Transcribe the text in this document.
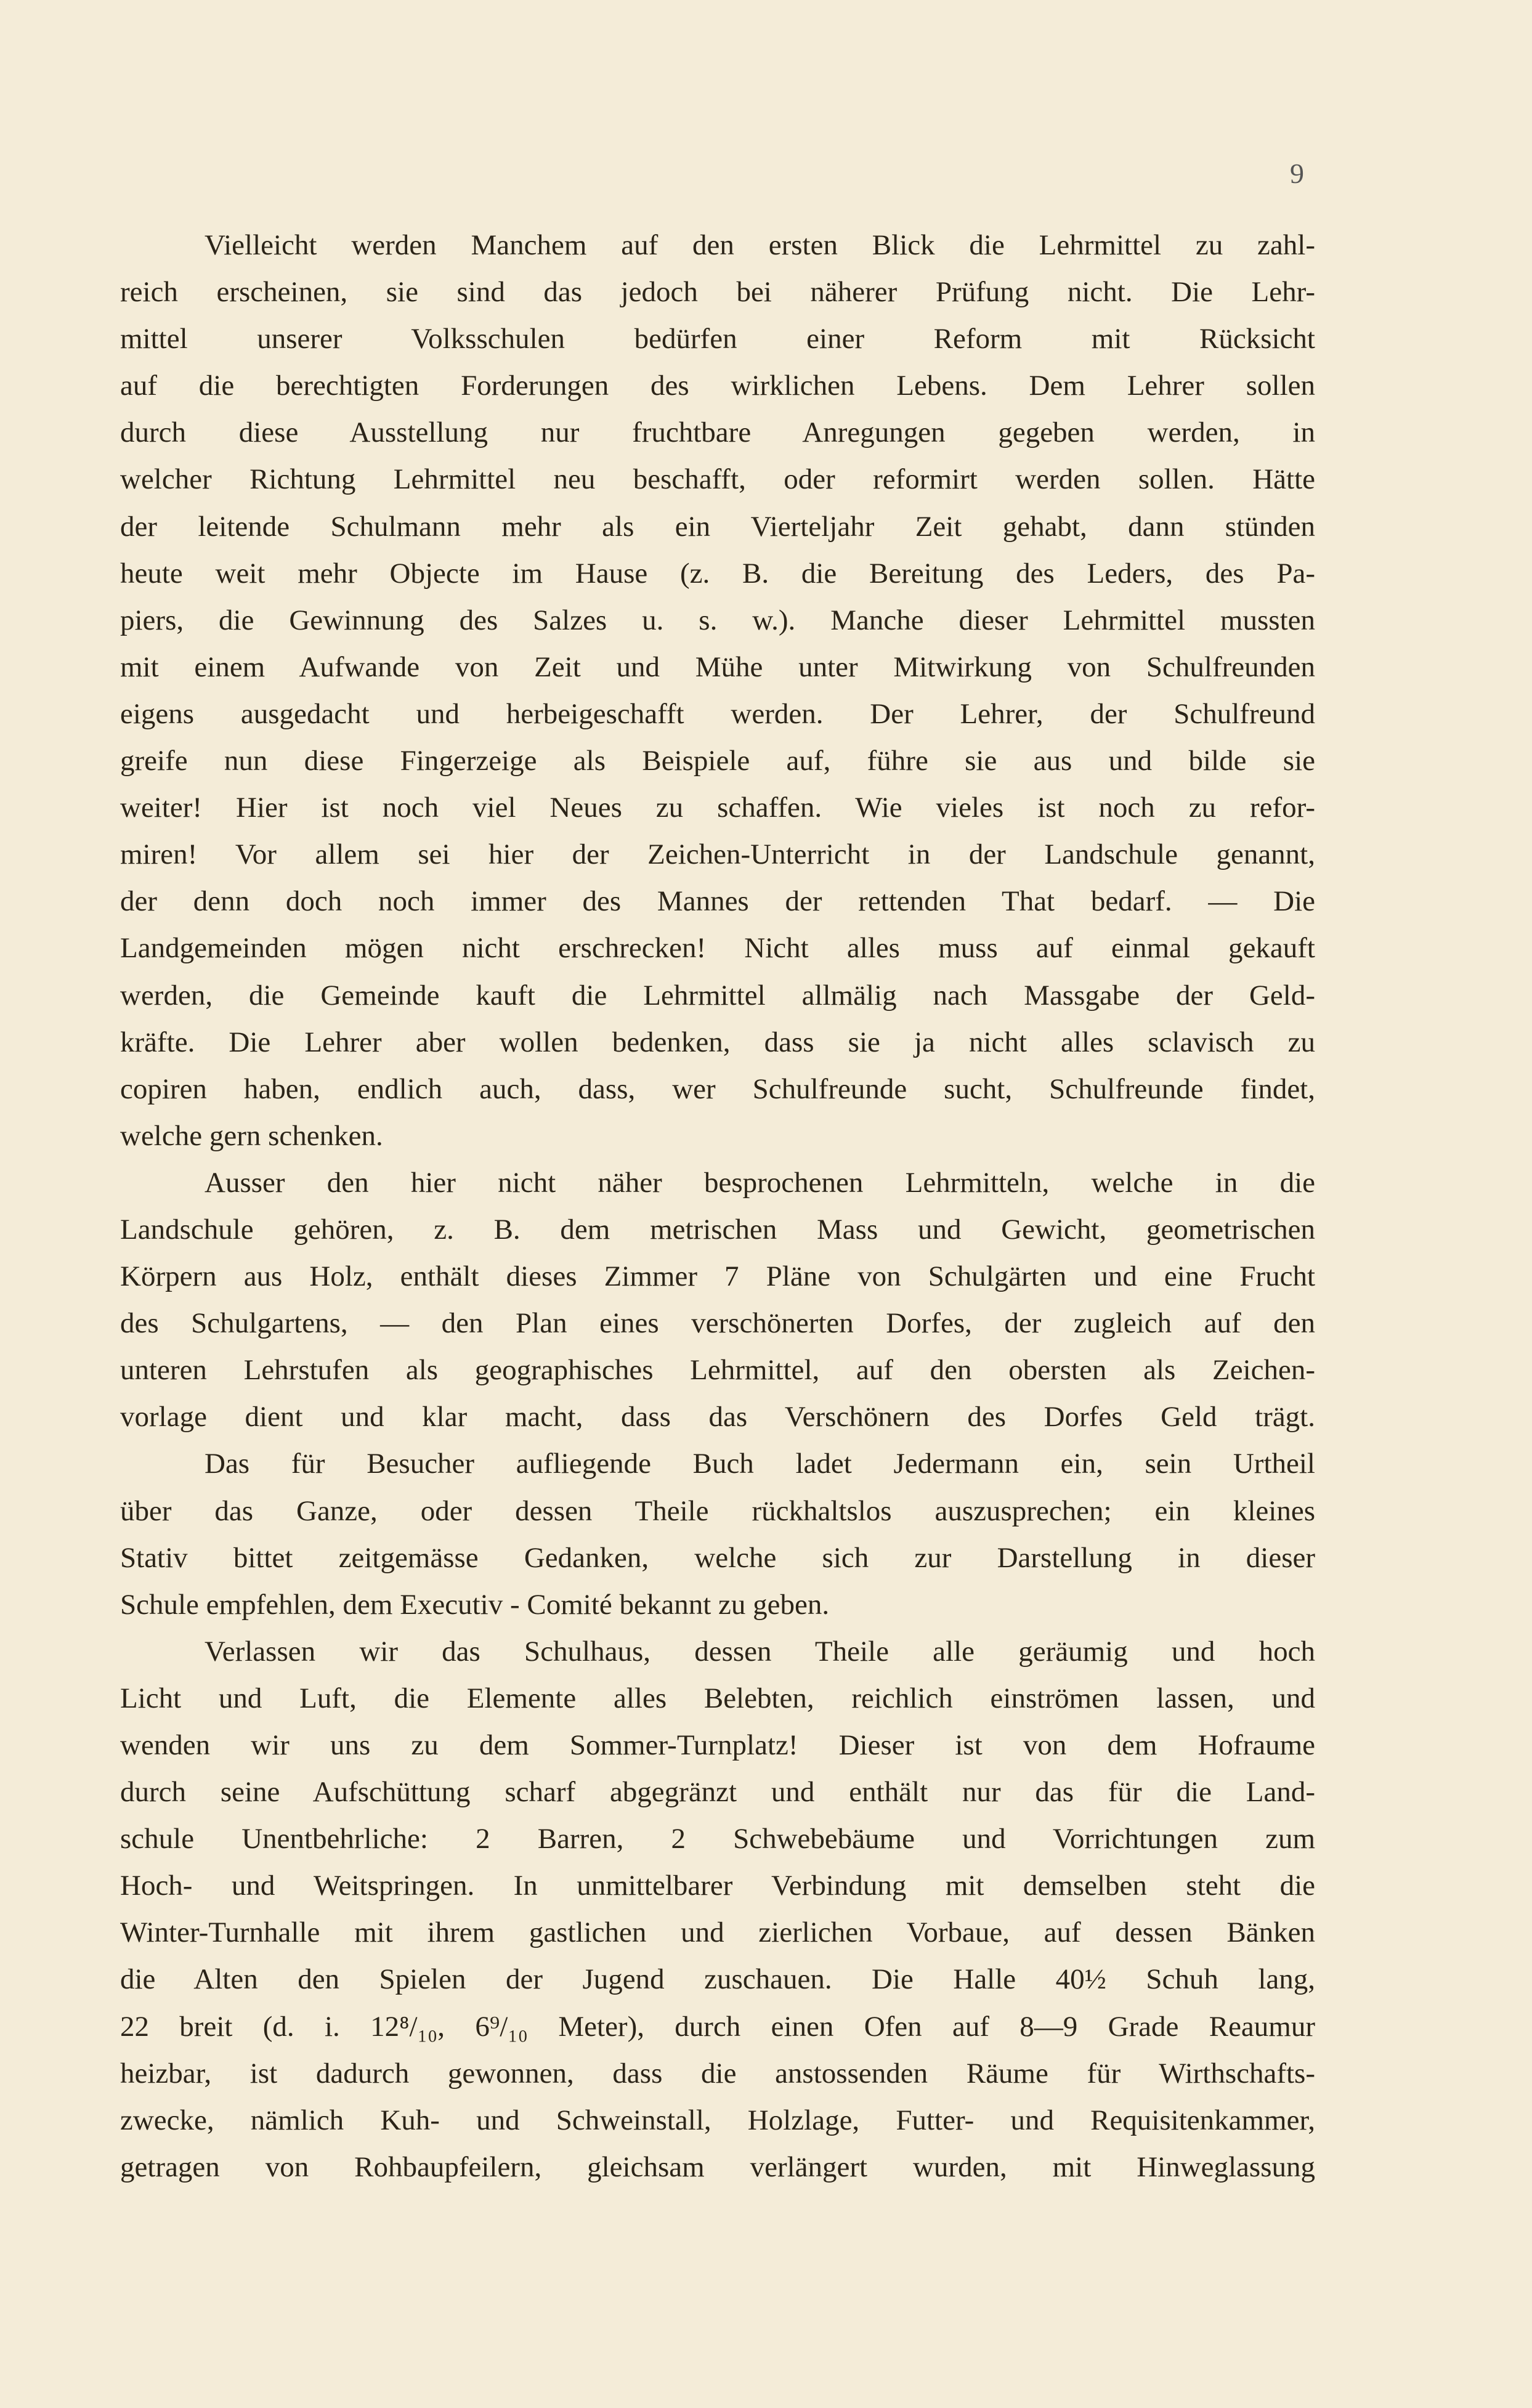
9
Vielleicht werden Manchem auf den ersten Blick die Lehrmittel zu zahl-
reich erscheinen, sie sind das jedoch bei näherer Prüfung nicht. Die Lehr-
mittel unserer Volksschulen bedürfen einer Reform mit Rücksicht
auf die berechtigten Forderungen des wirklichen Lebens. Dem Lehrer sollen
durch diese Ausstellung nur fruchtbare Anregungen gegeben werden, in
welcher Richtung Lehrmittel neu beschafft, oder reformirt werden sollen. Hätte
der leitende Schulmann mehr als ein Vierteljahr Zeit gehabt, dann stünden
heute weit mehr Objecte im Hause (z. B. die Bereitung des Leders, des Pa-
piers, die Gewinnung des Salzes u. s. w.). Manche dieser Lehrmittel mussten
mit einem Aufwande von Zeit und Mühe unter Mitwirkung von Schulfreunden
eigens ausgedacht und herbeigeschafft werden. Der Lehrer, der Schulfreund
greife nun diese Fingerzeige als Beispiele auf, führe sie aus und bilde sie
weiter! Hier ist noch viel Neues zu schaffen. Wie vieles ist noch zu refor-
miren! Vor allem sei hier der Zeichen-Unterricht in der Landschule genannt,
der denn doch noch immer des Mannes der rettenden That bedarf. — Die
Landgemeinden mögen nicht erschrecken! Nicht alles muss auf einmal gekauft
werden, die Gemeinde kauft die Lehrmittel allmälig nach Massgabe der Geld-
kräfte. Die Lehrer aber wollen bedenken, dass sie ja nicht alles sclavisch zu
copiren haben, endlich auch, dass, wer Schulfreunde sucht, Schulfreunde findet,
welche gern schenken.
Ausser den hier nicht näher besprochenen Lehrmitteln, welche in die
Landschule gehören, z. B. dem metrischen Mass und Gewicht, geometrischen
Körpern aus Holz, enthält dieses Zimmer 7 Pläne von Schulgärten und eine Frucht
des Schulgartens, — den Plan eines verschönerten Dorfes, der zugleich auf den
unteren Lehrstufen als geographisches Lehrmittel, auf den obersten als Zeichen-
vorlage dient und klar macht, dass das Verschönern des Dorfes Geld trägt.
Das für Besucher aufliegende Buch ladet Jedermann ein, sein Urtheil
über das Ganze, oder dessen Theile rückhaltslos auszusprechen; ein kleines
Stativ bittet zeitgemässe Gedanken, welche sich zur Darstellung in dieser
Schule empfehlen, dem Executiv - Comité bekannt zu geben.
Verlassen wir das Schulhaus, dessen Theile alle geräumig und hoch
Licht und Luft, die Elemente alles Belebten, reichlich einströmen lassen, und
wenden wir uns zu dem Sommer-Turnplatz! Dieser ist von dem Hofraume
durch seine Aufschüttung scharf abgegränzt und enthält nur das für die Land-
schule Unentbehrliche: 2 Barren, 2 Schwebebäume und Vorrichtungen zum
Hoch- und Weitspringen. In unmittelbarer Verbindung mit demselben steht die
Winter-Turnhalle mit ihrem gastlichen und zierlichen Vorbaue, auf dessen Bänken
die Alten den Spielen der Jugend zuschauen. Die Halle 40½ Schuh lang,
22 breit (d. i. 12⁸/₁₀, 6⁹/₁₀ Meter), durch einen Ofen auf 8—9 Grade Reaumur
heizbar, ist dadurch gewonnen, dass die anstossenden Räume für Wirthschafts-
zwecke, nämlich Kuh- und Schweinstall, Holzlage, Futter- und Requisitenkammer,
getragen von Rohbaupfeilern, gleichsam verlängert wurden, mit Hinweglassung
